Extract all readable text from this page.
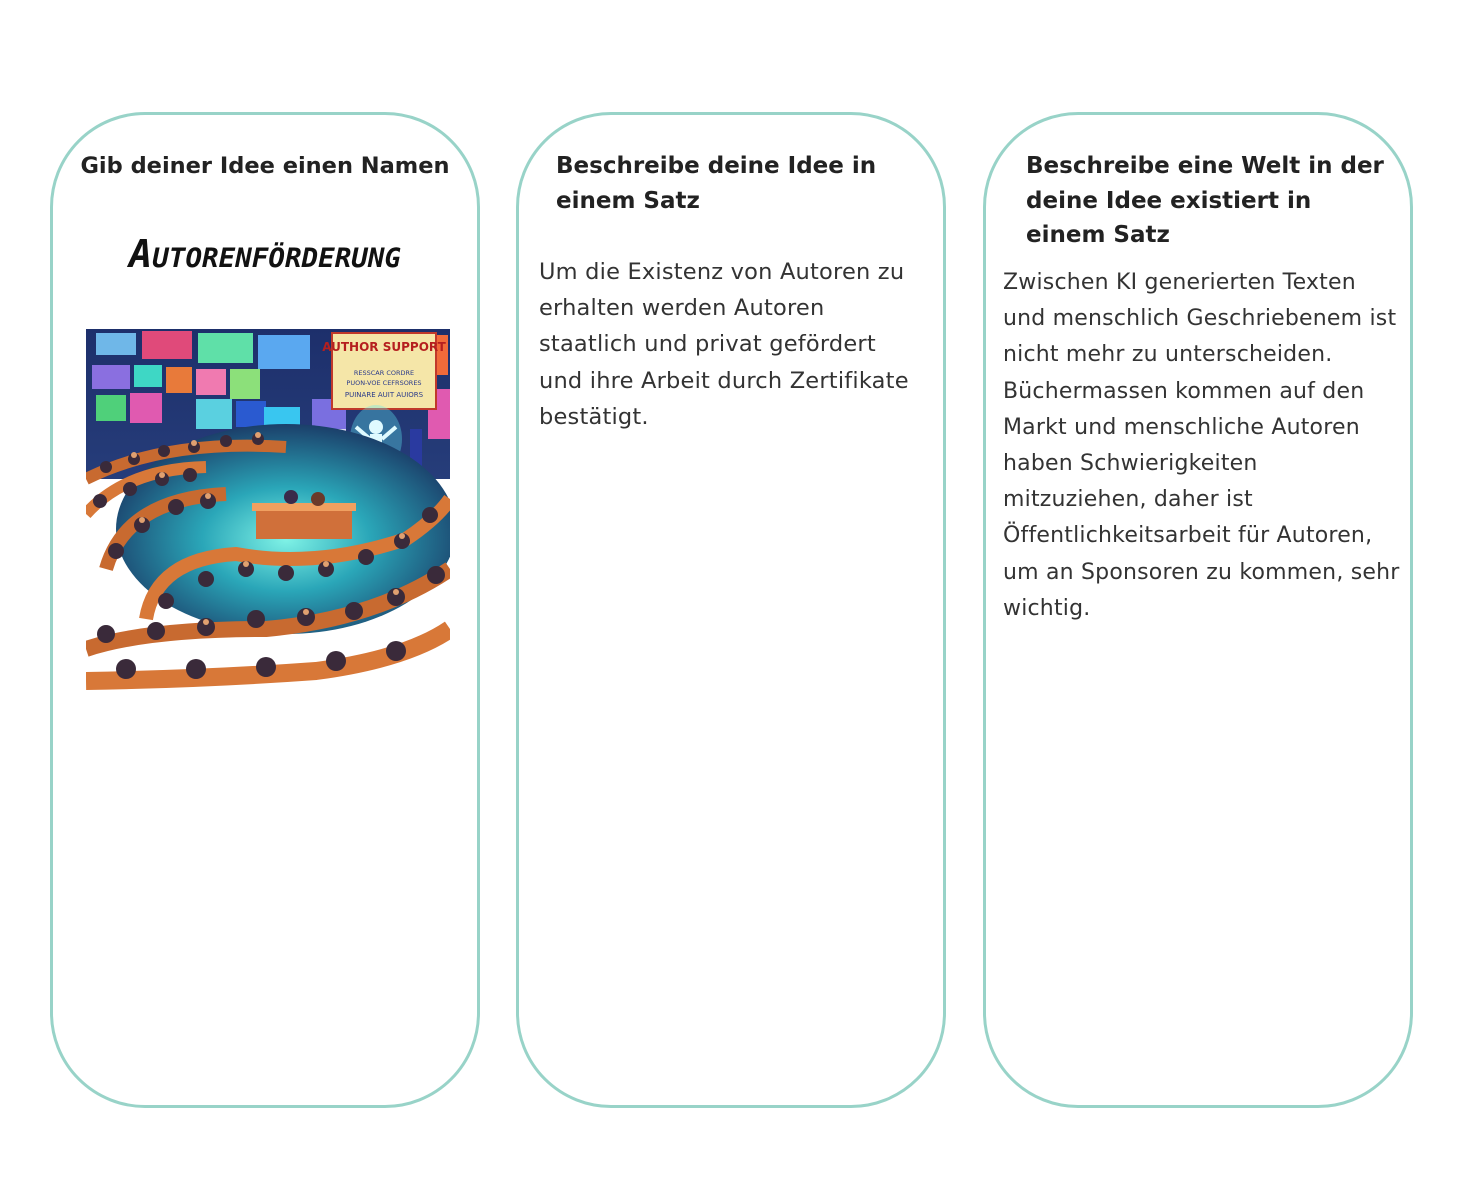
Gib deiner Idee einen Namen
Autorenförderung
AUTHOR SUPPORT
RESSCAR CORDRE
PUON-VOE CEFRSORES
PUINARE AUIT AUIORS
Beschreibe deine Idee in einem Satz

Um die Existenz von Autoren zu erhalten werden Autoren staatlich und privat gefördert und ihre Arbeit durch Zertifikate bestätigt.

Beschreibe eine Welt in der deine Idee existiert in einem Satz

Zwischen KI generierten Texten und menschlich Geschriebenem ist nicht mehr zu unterscheiden. Büchermassen kommen auf den Markt und menschliche Autoren haben Schwierigkeiten mitzuziehen, daher ist Öffentlichkeitsarbeit für Autoren, um an Sponsoren zu kommen, sehr wichtig.
